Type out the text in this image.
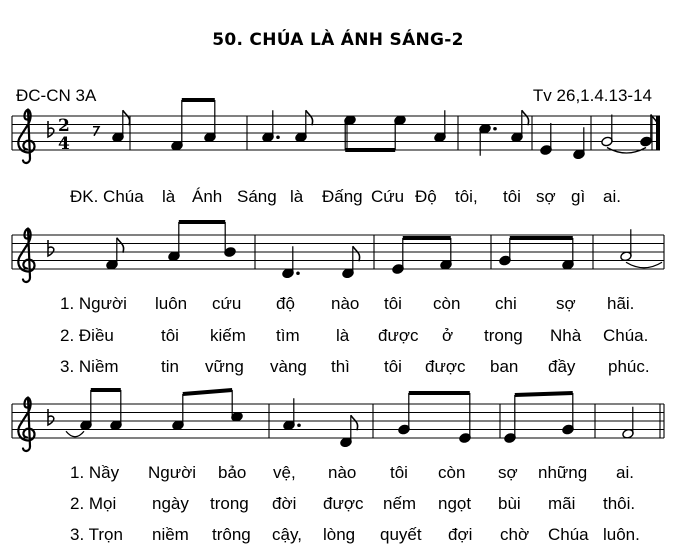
50. CHÚA LÀ ÁNH SÁNG-2
ĐC-CN 3A	Tv 26,1.4.13-14
ĐK. Chúa là Ánh Sáng là Đấng Cứu Độ tôi, tôi sợ gì ai.
1. Người luôn cứu độ nào tôi còn chi sợ hãi.
2. Điều	tôi kiếm tìm là được ở trong Nhà Chúa.
3. Niềm tin vững vàng thì tôi được ban đầy phúc.
1. Nầy Người bảo vệ, nào tôi còn sợ những ai.
2. Mọi ngày trong đời được nếm ngọt bùi mãi thôi.
3. Trọn niềm trông cậy, lòng quyết đợi chờ Chúa luôn.
2
4
